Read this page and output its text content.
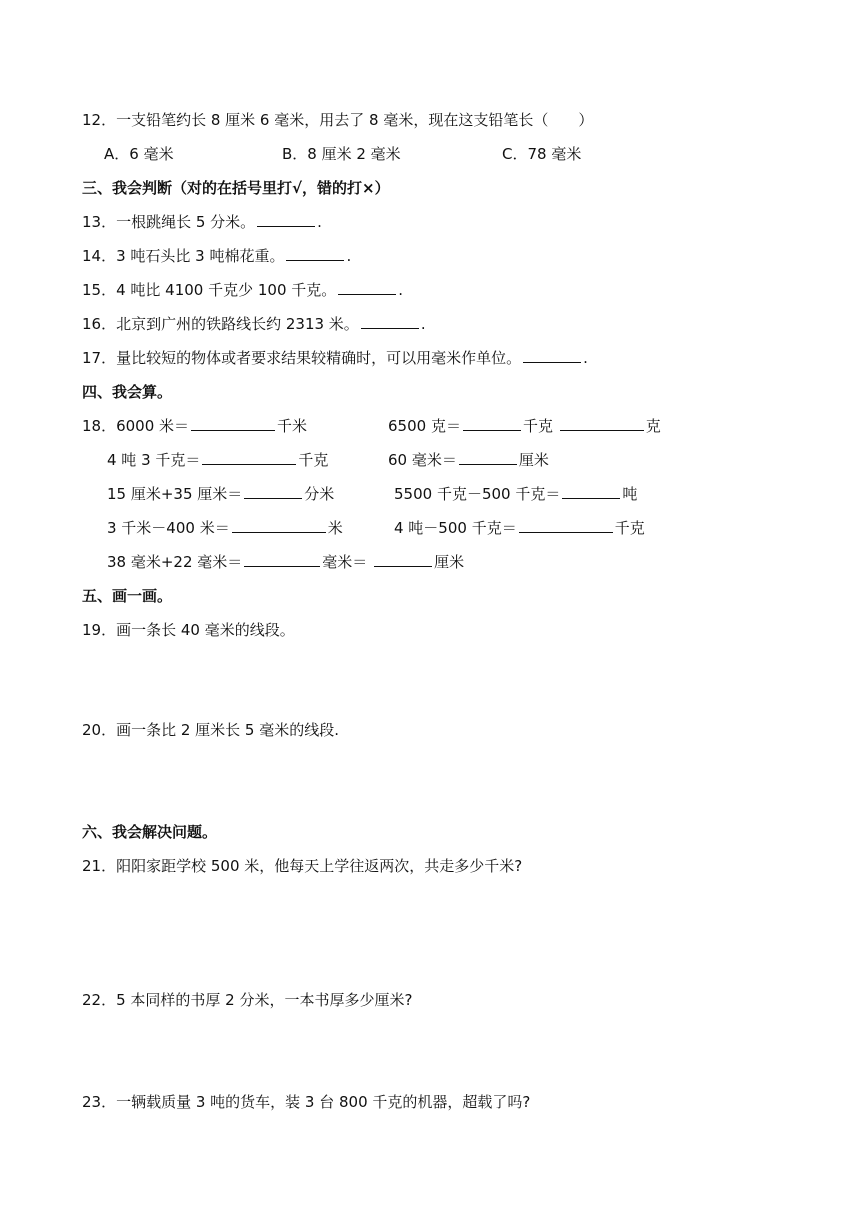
12．一支铅笔约长 8 厘米 6 毫米，用去了 8 毫米，现在这支铅笔长（　　）
A．6 毫米	B．8 厘米 2 毫米	C．78 毫米
三、我会判断（对的在括号里打√，错的打×）
13．一根跳绳长 5 分米。	.
14．3 吨石头比 3 吨棉花重。	.
15．4 吨比 4100 千克少 100 千克。	.
16．北京到广州的铁路线长约 2313 米。	.
17．量比较短的物体或者要求结果较精确时，可以用毫米作单位。	.
四、我会算。
18．6000 米＝	千米	6500 克＝	千克	克
4 吨 3 千克＝	千克	60 毫米＝	厘米
15 厘米+35 厘米＝	分米	5500 千克－500 千克＝	吨
3 千米－400 米＝	米	4 吨－500 千克＝	千克
38 毫米+22 毫米＝	毫米＝	厘米
五、画一画。
19．画一条长 40 毫米的线段。
20．画一条比 2 厘米长 5 毫米的线段.
六、我会解决问题。
21．阳阳家距学校 500 米，他每天上学往返两次，共走多少千米?
22．5 本同样的书厚 2 分米，一本书厚多少厘米?
23．一辆载质量 3 吨的货车，装 3 台 800 千克的机器，超载了吗?
